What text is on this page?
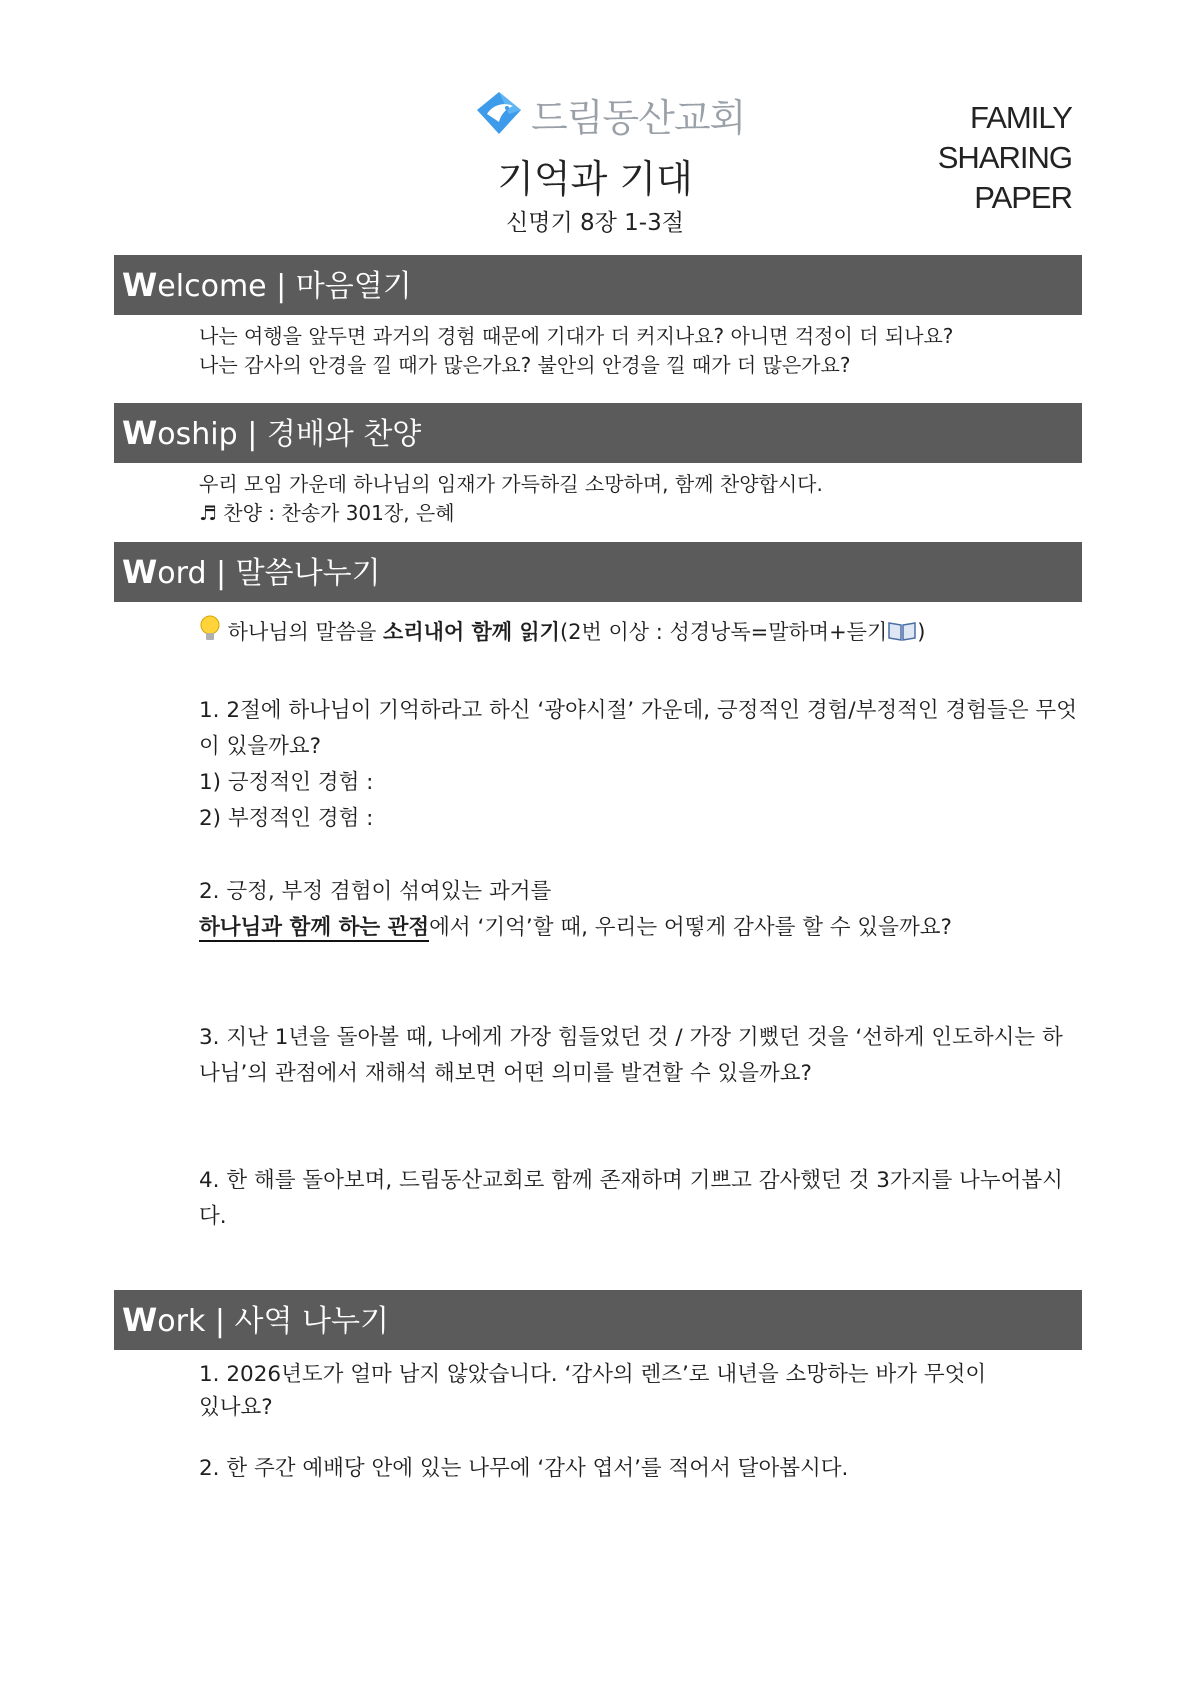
드림동산교회
기억과 기대
신명기 8장 1-3절
FAMILY
SHARING
PAPER
Welcome | 마음열기
나는 여행을 앞두면 과거의 경험 때문에 기대가 더 커지나요? 아니면 걱정이 더 되나요?
나는 감사의 안경을 낄 때가 많은가요? 불안의 안경을 낄 때가 더 많은가요?
Woship | 경배와 찬양
우리 모임 가운데 하나님의 임재가 가득하길 소망하며, 함께 찬양합시다.
♬ 찬양 : 찬송가 301장, 은혜
Word | 말씀나누기

하나님의 말씀을 소리내어 함께 읽기(2번 이상 : 성경낭독=말하며+듣기 )

1. 2절에 하나님이 기억하라고 하신 ‘광야시절’ 가운데, 긍정적인 경험/부정적인 경험들은 무엇이 있을까요?

1) 긍정적인 경험 :

2) 부정적인 경험 :

2. 긍정, 부정 겸험이 섞여있는 과거를

하나님과 함께 하는 관점에서 ‘기억’할 때, 우리는 어떻게 감사를 할 수 있을까요?

3. 지난 1년을 돌아볼 때, 나에게 가장 힘들었던 것 / 가장 기뻤던 것을 ‘선하게 인도하시는 하나님’의 관점에서 재해석 해보면 어떤 의미를 발견할 수 있을까요?

4. 한 해를 돌아보며, 드림동산교회로 함께 존재하며 기쁘고 감사했던 것 3가지를 나누어봅시다.

Work | 사역 나누기

1. 2026년도가 얼마 남지 않았습니다. ‘감사의 렌즈’로 내년을 소망하는 바가 무엇이 있나요?

2. 한 주간 예배당 안에 있는 나무에 ‘감사 엽서’를 적어서 달아봅시다.
